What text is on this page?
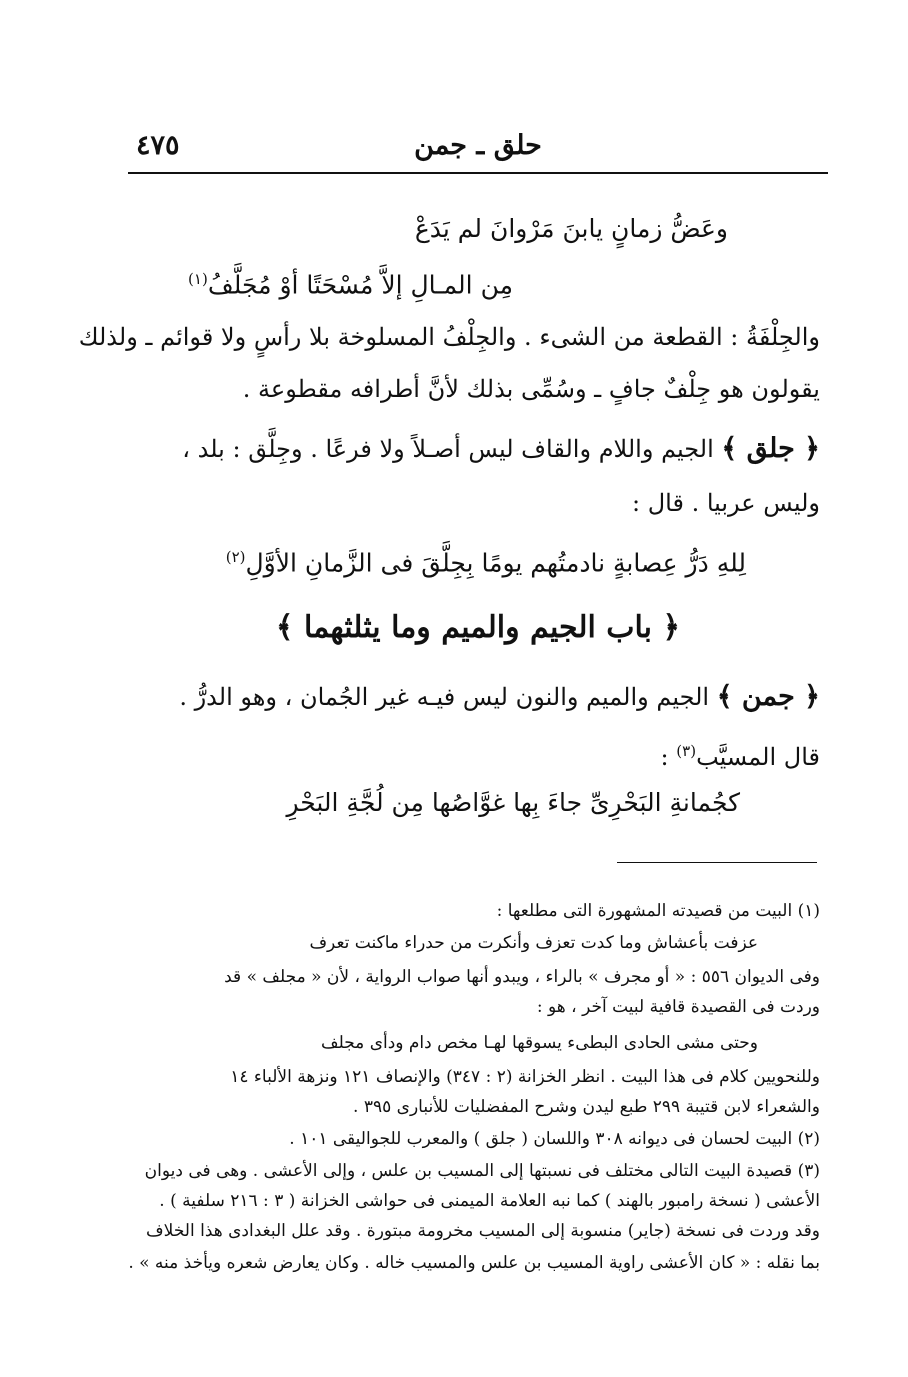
حلق ـ جمن
٤٧٥
وعَضُّ زمانٍ يابنَ مَرْوانَ لم يَدَعْ
مِن المـالِ إلاَّ مُسْحَتًا أوْ مُجَلَّفُ$^{(١)}$
والجِلْفَةُ : القطعة من الشىء . والجِلْفُ المسلوخة بلا رأسٍ ولا قوائم ـ ولذلك
يقولون هو جِلْفٌ جافٍ ـ وسُمِّى بذلك لأنَّ أطرافه مقطوعة .
﴿ جلق ﴾ الجيم واللام والقاف ليس أصـلاً ولا فرعًا . وجِلَّق : بلد ،
وليس عربيا . قال :
لِلهِ دَرُّ عِصابةٍ نادمتُهم يومًا بِجِلَّقَ فى الزَّمانِ الأوَّلِ$^{(٢)}$
﴿ باب الجيم والميم وما يثلثهما ﴾
﴿ جمن ﴾ الجيم والميم والنون ليس فيـه غير الجُمان ، وهو الدرُّ .
قال المسيَّب$^{(٣)}$ :
كجُمانةِ البَحْرِىِّ جاءَ بِها غوَّاصُها مِن لُجَّةِ البَحْرِ
(١) البيت من قصيدته المشهورة التى مطلعها :
عزفت بأعشاش وما كدت تعزف وأنكرت من حدراء ماكنت تعرف
وفى الديوان ٥٥٦ : « أو مجرف » بالراء ، ويبدو أنها صواب الرواية ، لأن « مجلف » قد
وردت فى القصيدة قافية لبيت آخر ، هو :
وحتى مشى الحادى البطىء يسوقها لهـا مخص دام ودأى مجلف
وللنحويين كلام فى هذا البيت . انظر الخزانة (٢ : ٣٤٧) والإنصاف ١٢١ ونزهة الألباء ١٤
والشعراء لابن قتيبة ٢٩٩ طبع ليدن وشرح المفضليات للأنبارى ٣٩٥ .
(٢) البيت لحسان فى ديوانه ٣٠٨ واللسان ( جلق ) والمعرب للجواليقى ١٠١ .
(٣) قصيدة البيت التالى مختلف فى نسبتها إلى المسيب بن علس ، وإلى الأعشى . وهى فى ديوان
الأعشى ( نسخة رامبور بالهند ) كما نبه العلامة الميمنى فى حواشى الخزانة ( ٣ : ٢١٦ سلفية ) .
وقد وردت فى نسخة (جاير) منسوبة إلى المسيب مخرومة مبتورة . وقد علل البغدادى هذا الخلاف
بما نقله : « كان الأعشى راوية المسيب بن علس والمسيب خاله . وكان يعارض شعره ويأخذ منه » .
